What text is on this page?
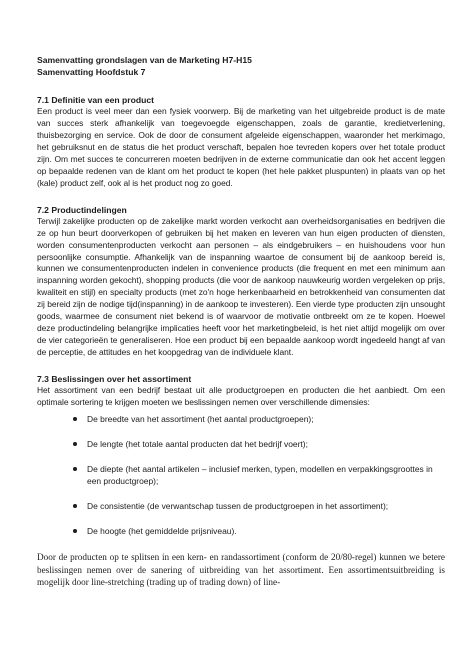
Samenvatting grondslagen van de Marketing H7-H15

Samenvatting Hoofdstuk 7

7.1 Definitie van een product

Een product is veel meer dan een fysiek voorwerp. Bij de marketing van het uitgebreide product is de mate van succes sterk afhankelijk van toegevoegde eigenschappen, zoals de garantie, kredietverlening, thuisbezorging en service. Ook de door de consument afgeleide eigenschappen, waaronder het merkimago, het gebruiksnut en de status die het product verschaft, bepalen hoe tevreden kopers over het totale product zijn. Om met succes te concurreren moeten bedrijven in de externe communicatie dan ook het accent leggen op bepaalde redenen van de klant om het product te kopen (het hele pakket pluspunten) in plaats van op het (kale) product zelf, ook al is het product nog zo goed.

7.2 Productindelingen

Terwijl zakelijke producten op de zakelijke markt worden verkocht aan overheidsorganisaties en bedrijven die ze op hun beurt doorverkopen of gebruiken bij het maken en leveren van hun eigen producten of diensten, worden consumentenproducten verkocht aan personen – als eindgebruikers – en huishoudens voor hun persoonlijke consumptie. Afhankelijk van de inspanning waartoe de consument bij de aankoop bereid is, kunnen we consumentenproducten indelen in convenience products (die frequent en met een minimum aan inspanning worden gekocht), shopping products (die voor de aankoop nauwkeurig worden vergeleken op prijs, kwaliteit en stijl) en specialty products (met zo'n hoge herkenbaarheid en betrokkenheid van consumenten dat zij bereid zijn de nodige tijd(inspanning) in de aankoop te investeren). Een vierde type producten zijn unsought goods, waarmee de consument niet bekend is of waarvoor de motivatie ontbreekt om ze te kopen. Hoewel deze productindeling belangrijke implicaties heeft voor het marketingbeleid, is het niet altijd mogelijk om over de vier categorieën te generaliseren. Hoe een product bij een bepaalde aankoop wordt ingedeeld hangt af van de perceptie, de attitudes en het koopgedrag van de individuele klant.

7.3 Beslissingen over het assortiment

Het assortiment van een bedrijf bestaat uit alle productgroepen en producten die het aanbiedt. Om een optimale sortering te krijgen moeten we beslissingen nemen over verschillende dimensies:

De breedte van het assortiment (het aantal productgroepen);
De lengte (het totale aantal producten dat het bedrijf voert);
De diepte (het aantal artikelen – inclusief merken, typen, modellen en verpakkingsgroottes in een productgroep);
De consistentie (de verwantschap tussen de productgroepen in het assortiment);
De hoogte (het gemiddelde prijsniveau).

Door de producten op te splitsen in een kern- en randassortiment (conform de 20/80-regel) kunnen we betere beslissingen nemen over de sanering of uitbreiding van het assortiment. Een assortimentsuitbreiding is mogelijk door line-stretching (trading up of trading down) of line-
